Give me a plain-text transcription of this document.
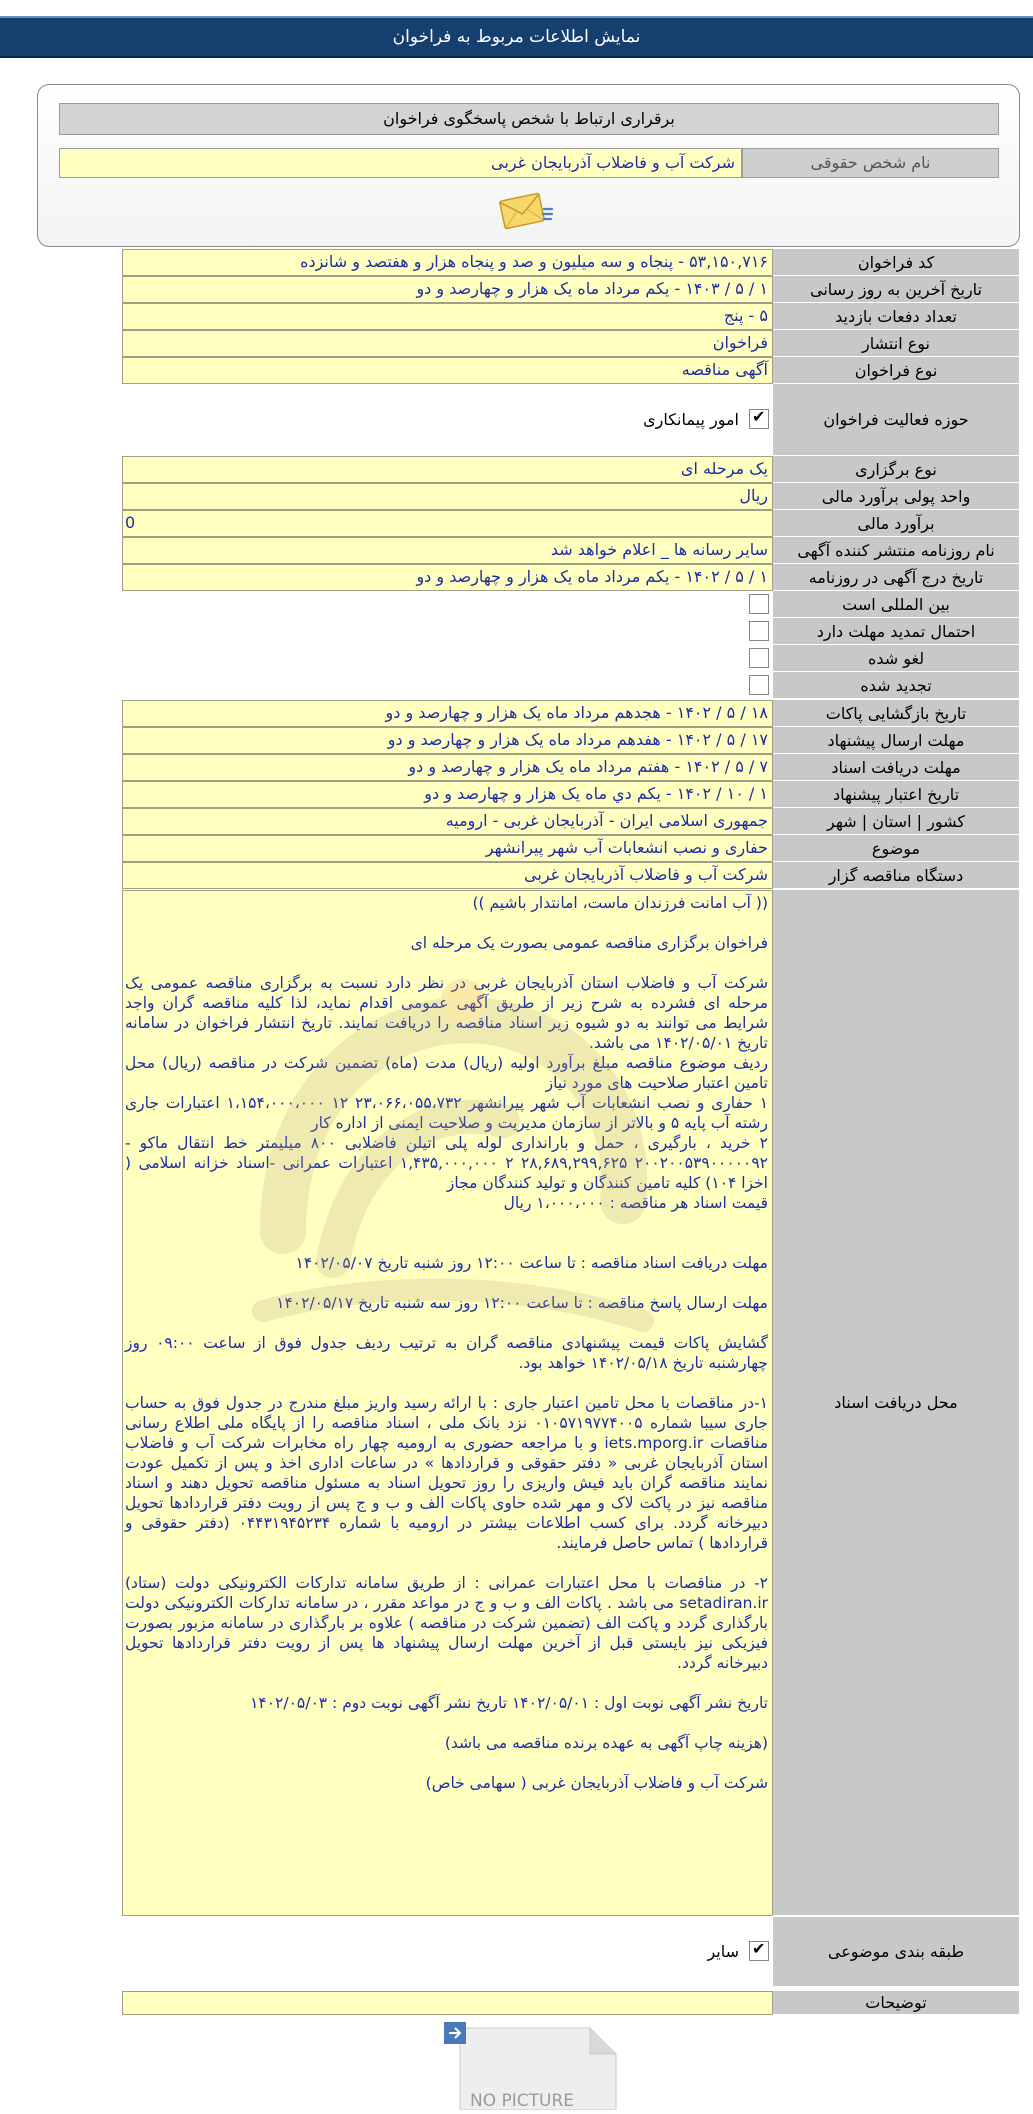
نمایش اطلاعات مربوط به فراخوان
برقراری ارتباط با شخص پاسخگوی فراخوان
نام شخص حقوقی
شرکت آب و فاضلاب آذربایجان غربی
کد فراخوان
۵۳,۱۵۰,۷۱۶ - پنجاه و سه میلیون و صد و پنجاه هزار و هفتصد و شانزده
تاریخ آخرین به روز رسانی
۱ / ۵ / ۱۴۰۳ - یکم مرداد ماه یک هزار و چهارصد و دو
تعداد دفعات بازدید
۵ - پنج
نوع انتشار
فراخوان
نوع فراخوان
آگهی مناقصه
حوزه فعالیت فراخوان
✔
امور پیمانکاری
نوع برگزاری
یک مرحله ای
واحد پولی برآورد مالی
ریال
برآورد مالی
0
نام روزنامه منتشر کننده آگهی
سایر رسانه ها _ اعلام خواهد شد
تاریخ درج آگهی در روزنامه
۱ / ۵ / ۱۴۰۲ - یکم مرداد ماه یک هزار و چهارصد و دو
بین المللی است
احتمال تمدید مهلت دارد
لغو شده
تجدید شده
تاریخ بازگشایی پاکات
۱۸ / ۵ / ۱۴۰۲ - هجدهم مرداد ماه یک هزار و چهارصد و دو
مهلت ارسال پیشنهاد
۱۷ / ۵ / ۱۴۰۲ - هفدهم مرداد ماه یک هزار و چهارصد و دو
مهلت دریافت اسناد
۷ / ۵ / ۱۴۰۲ - هفتم مرداد ماه یک هزار و چهارصد و دو
تاریخ اعتبار پیشنهاد
۱ / ۱۰ / ۱۴۰۲ - یکم دي ماه یک هزار و چهارصد و دو
کشور | استان | شهر
جمهوری اسلامی ایران - آذربایجان غربی - ارومیه
موضوع
حفاری و نصب انشعابات آب شهر پیرانشهر
دستگاه مناقصه گزار
شرکت آب و فاضلاب آذربایجان غربی
محل دریافت اسناد

(( آب امانت فرزندان ماست، امانتدار باشیم ))

فراخوان برگزاری مناقصه عمومی بصورت یک مرحله ای

شرکت آب و فاضلاب استان آذربایجان غربی در نظر دارد نسبت به برگزاری مناقصه عمومی یک مرحله ای فشرده به شرح زیر از طریق آگهی عمومی اقدام نماید، لذا کلیه مناقصه گران واجد شرایط می توانند به دو شیوه زیر اسناد مناقصه را دریافت نمایند. تاریخ انتشار فراخوان در سامانه تاریخ ۱۴۰۲/۰۵/۰۱ می باشد.

ردیف موضوع مناقصه مبلغ برآورد اولیه (ریال) مدت (ماه) تضمین شرکت در مناقصه (ریال) محل تامین اعتبار صلاحیت های مورد نیاز

۱ حفاری و نصب انشعابات آب شهر پیرانشهر ۲۳،۰۶۶،۰۵۵،۷۳۲ ۱۲ ۱،۱۵۴،۰۰۰،۰۰۰ اعتبارات جاری رشته آب پایه ۵ و بالاتر از سازمان مدیریت و صلاحیت ایمنی از اداره کار

۲ خرید ، بارگیری ، حمل و بارانداری لوله پلی اتیلن فاضلابی ۸۰۰ میلیمتر خط انتقال ماکو - ۲۰۰۲۰۰۵۳۹۰۰۰۰۰۹۲ ۲۸,۶۸۹,۲۹۹,۶۲۵ ۲ ۱,۴۳۵,۰۰۰,۰۰۰ اعتبارات عمرانی -اسناد خزانه اسلامی ( اخزا ۱۰۴) کلیه تامین کنندگان و تولید کنندگان مجاز

قیمت اسناد هر مناقصه : ۱،۰۰۰،۰۰۰ ریال

مهلت دریافت اسناد مناقصه : تا ساعت ۱۲:۰۰ روز شنبه تاریخ ۱۴۰۲/۰۵/۰۷

مهلت ارسال پاسخ مناقصه : تا ساعت ۱۲:۰۰ روز سه شنبه تاریخ ۱۴۰۲/۰۵/۱۷

گشایش پاکات قیمت پیشنهادی مناقصه گران به ترتیب ردیف جدول فوق از ساعت ۰۹:۰۰ روز چهارشنبه تاریخ ۱۴۰۲/۰۵/۱۸ خواهد بود.

۱-در مناقصات با محل تامین اعتبار جاری : با ارائه رسید واریز مبلغ مندرج در جدول فوق به حساب جاری سیبا شماره ۰۱۰۵۷۱۹۷۷۴۰۰۵ نزد بانک ملی ، اسناد مناقصه را از پایگاه ملی اطلاع رسانی مناقصات iets.mporg.ir و با مراجعه حضوری به ارومیه چهار راه مخابرات شرکت آب و فاضلاب استان آذربایجان غربی « دفتر حقوقی و قراردادها » در ساعات اداری اخذ و پس از تکمیل عودت نمایند مناقصه گران باید فیش واریزی را روز تحویل اسناد به مسئول مناقصه تحویل دهند و اسناد مناقصه نیز در پاکت لاک و مهر شده حاوی پاکات الف و ب و ج پس از رویت دفتر قراردادها تحویل دبیرخانه گردد. برای کسب اطلاعات بیشتر در ارومیه با شماره ۰۴۴۳۱۹۴۵۲۳۴ (دفتر حقوقی و قراردادها ) تماس حاصل فرمایند.

۲- در مناقصات با محل اعتبارات عمرانی : از طریق سامانه تدارکات الکترونیکی دولت (ستاد) setadiran.ir می باشد . پاکات الف و ب و ج در مواعد مقرر ، در سامانه تدارکات الکترونیکی دولت بارگذاری گردد و پاکت الف (تضمین شرکت در مناقصه ) علاوه بر بارگذاری در سامانه مزبور بصورت فیزیکی نیز بایستی قبل از آخرین مهلت ارسال پیشنهاد ها پس از رویت دفتر قراردادها تحویل دبیرخانه گردد.

تاریخ نشر آگهی نوبت اول : ۱۴۰۲/۰۵/۰۱ تاریخ نشر آگهی نوبت دوم : ۱۴۰۲/۰۵/۰۳

(هزینه چاپ آگهی به عهده برنده مناقصه می باشد)

شرکت آب و فاضلاب آذربایجان غربی ( سهامی خاص)

طبقه بندی موضوعی
✔
سایر
توضیحات
NO PICTURE
